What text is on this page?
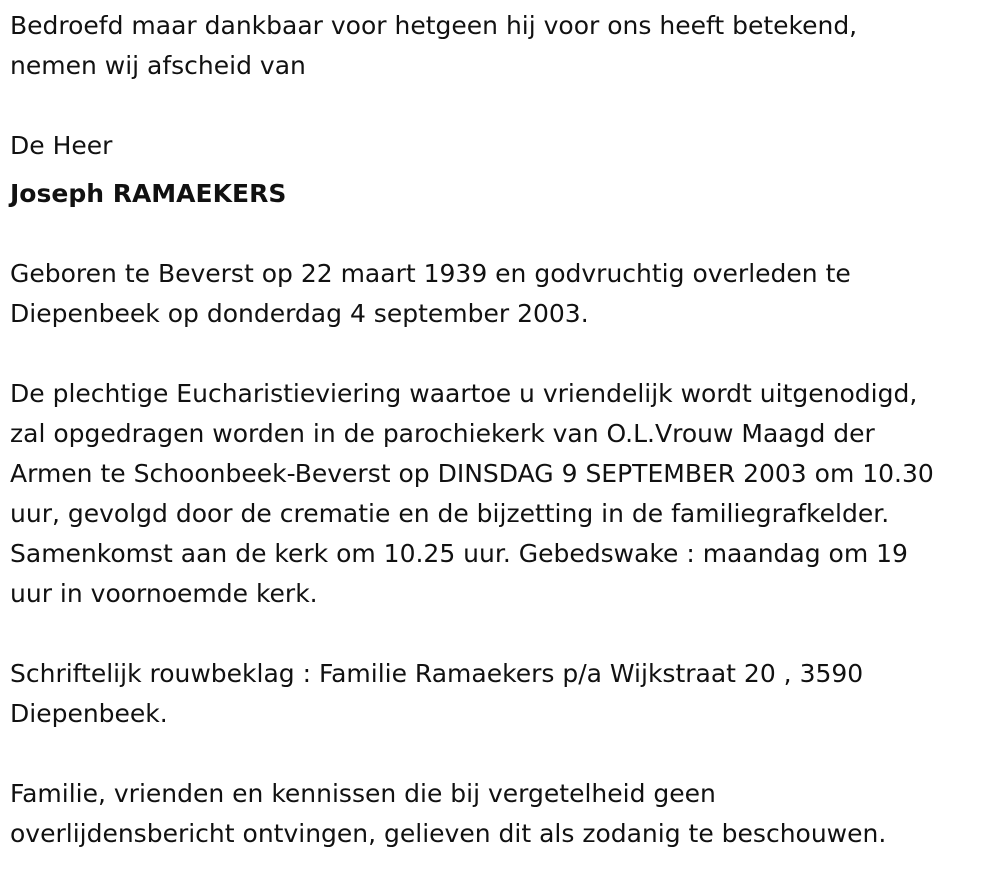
Bedroefd maar dankbaar voor hetgeen hij voor ons heeft betekend,
nemen wij afscheid van
De Heer
Joseph RAMAEKERS
Geboren te Beverst op 22 maart 1939 en godvruchtig overleden te
Diepenbeek op donderdag 4 september 2003.
De plechtige Eucharistieviering waartoe u vriendelijk wordt uitgenodigd,
zal opgedragen worden in de parochiekerk van O.L.Vrouw Maagd der
Armen te Schoonbeek-Beverst op DINSDAG 9 SEPTEMBER 2003 om 10.30
uur, gevolgd door de crematie en de bijzetting in de familiegrafkelder.
Samenkomst aan de kerk om 10.25 uur. Gebedswake : maandag om 19
uur in voornoemde kerk.
Schriftelijk rouwbeklag : Familie Ramaekers p/a Wijkstraat 20 , 3590
Diepenbeek.
Familie, vrienden en kennissen die bij vergetelheid geen
overlijdensbericht ontvingen, gelieven dit als zodanig te beschouwen.
